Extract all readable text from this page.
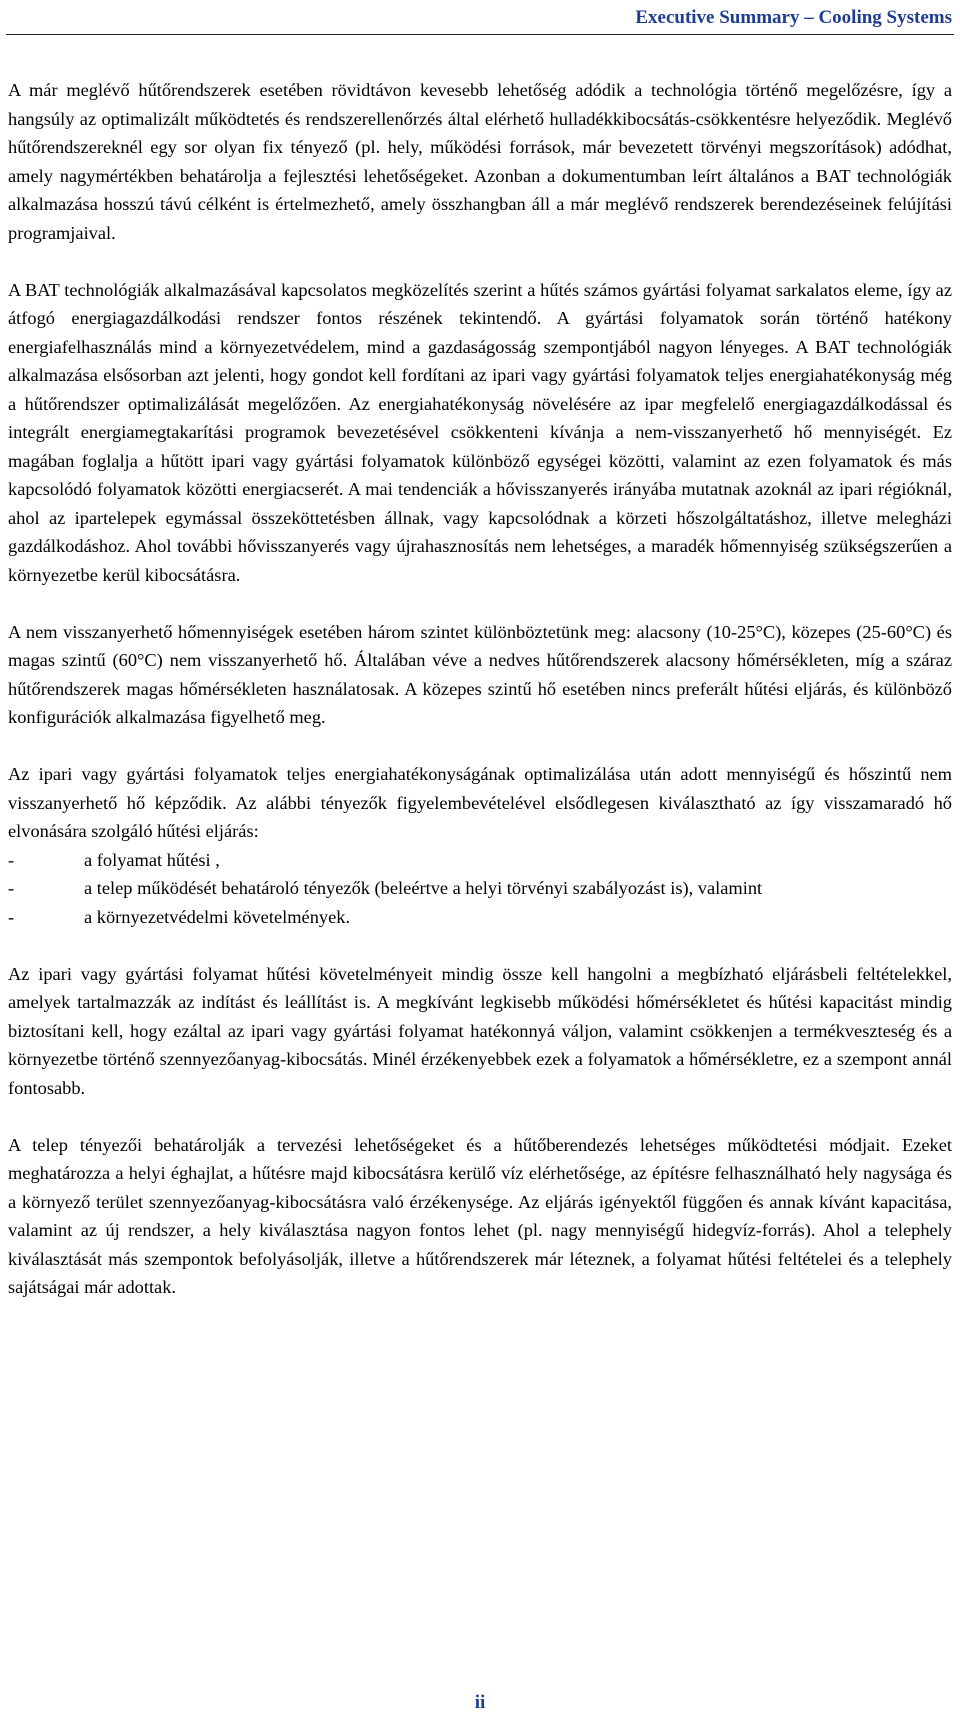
Executive Summary – Cooling Systems

A már meglévő hűtőrendszerek esetében rövidtávon kevesebb lehetőség adódik a technológia történő megelőzésre, így a hangsúly az optimalizált működtetés és rendszerellenőrzés által elérhető hulladékkibocsátás-csökkentésre helyeződik. Meglévő hűtőrendszereknél egy sor olyan fix tényező (pl. hely, működési források, már bevezetett törvényi megszorítások) adódhat, amely nagymértékben behatárolja a fejlesztési lehetőségeket. Azonban a dokumentumban leírt általános a BAT technológiák alkalmazása hosszú távú célként is értelmezhető, amely összhangban áll a már meglévő rendszerek berendezéseinek felújítási programjaival.

A BAT technológiák alkalmazásával kapcsolatos megközelítés szerint a hűtés számos gyártási folyamat sarkalatos eleme, így az átfogó energiagazdálkodási rendszer fontos részének tekintendő. A gyártási folyamatok során történő hatékony energiafelhasználás mind a környezetvédelem, mind a gazdaságosság szempontjából nagyon lényeges. A BAT technológiák alkalmazása elsősorban azt jelenti, hogy gondot kell fordítani az ipari vagy gyártási folyamatok teljes energiahatékonyság még a hűtőrendszer optimalizálását megelőzően. Az energiahatékonyság növelésére az ipar megfelelő energiagazdálkodással és integrált energiamegtakarítási programok bevezetésével csökkenteni kívánja a nem-visszanyerhető hő mennyiségét. Ez magában foglalja a hűtött ipari vagy gyártási folyamatok különböző egységei közötti, valamint az ezen folyamatok és más kapcsolódó folyamatok közötti energiacserét. A mai tendenciák a hővisszanyerés irányába mutatnak azoknál az ipari régióknál, ahol az ipartelepek egymással összeköttetésben állnak, vagy kapcsolódnak a körzeti hőszolgáltatáshoz, illetve melegházi gazdálkodáshoz. Ahol további hővisszanyerés vagy újrahasznosítás nem lehetséges, a maradék hőmennyiség szükségszerűen a környezetbe kerül kibocsátásra.

A nem visszanyerhető hőmennyiségek esetében három szintet különböztetünk meg: alacsony (10-25°C), közepes (25-60°C) és magas szintű (60°C) nem visszanyerhető hő. Általában véve a nedves hűtőrendszerek alacsony hőmérsékleten, míg a száraz hűtőrendszerek magas hőmérsékleten használatosak. A közepes szintű hő esetében nincs preferált hűtési eljárás, és különböző konfigurációk alkalmazása figyelhető meg.

Az ipari vagy gyártási folyamatok teljes energiahatékonyságának optimalizálása után adott mennyiségű és hőszintű nem visszanyerhető hő képződik. Az alábbi tényezők figyelembevételével elsődlegesen kiválasztható az így visszamaradó hő elvonására szolgáló hűtési eljárás:

-	a folyamat hűtési ,
-	a telep működését behatároló tényezők (beleértve a helyi törvényi szabályozást is), valamint
-	a környezetvédelmi követelmények.

Az ipari vagy gyártási folyamat hűtési követelményeit mindig össze kell hangolni a megbízható eljárásbeli feltételekkel, amelyek tartalmazzák az indítást és leállítást is. A megkívánt legkisebb működési hőmérsékletet és hűtési kapacitást mindig biztosítani kell, hogy ezáltal az ipari vagy gyártási folyamat hatékonnyá váljon, valamint csökkenjen a termékveszteség és a környezetbe történő szennyezőanyag-kibocsátás. Minél érzékenyebbek ezek a folyamatok a hőmérsékletre, ez a szempont annál fontosabb.

A telep tényezői behatárolják a tervezési lehetőségeket és a hűtőberendezés lehetséges működtetési módjait. Ezeket meghatározza a helyi éghajlat, a hűtésre majd kibocsátásra kerülő víz elérhetősége, az építésre felhasználható hely nagysága és a környező terület szennyezőanyag-kibocsátásra való érzékenysége. Az eljárás igényektől függően és annak kívánt kapacitása, valamint az új rendszer, a hely kiválasztása nagyon fontos lehet (pl. nagy mennyiségű hidegvíz-forrás). Ahol a telephely kiválasztását más szempontok befolyásolják, illetve a hűtőrendszerek már léteznek, a folyamat hűtési feltételei és a telephely sajátságai már adottak.

ii
